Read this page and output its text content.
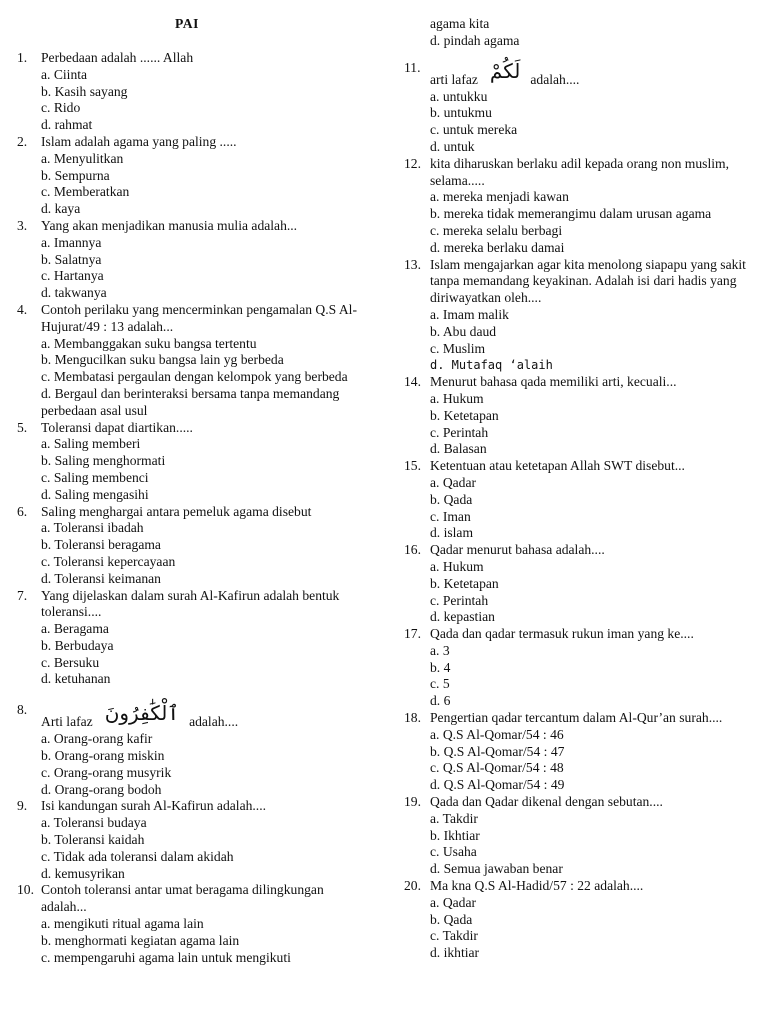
PAI
1.	Perbedaan adalah ...... Allah
a. Ciinta
b. Kasih sayang
c. Rido
d. rahmat
2.	Islam adalah agama yang paling .....
a. Menyulitkan
b. Sempurna
c. Memberatkan
d. kaya
3.	Yang akan menjadikan manusia mulia adalah...
a. Imannya
b. Salatnya
c. Hartanya
d. takwanya
4.	Contoh perilaku yang mencerminkan pengamalan Q.S Al-Hujurat/49 : 13 adalah...
a. Membanggakan suku bangsa tertentu
b. Mengucilkan suku bangsa lain yg berbeda
c. Membatasi pergaulan dengan kelompok yang berbeda
d. Bergaul dan berinteraksi bersama tanpa memandang perbedaan asal usul
5.	Toleransi dapat diartikan.....
a. Saling memberi
b. Saling menghormati
c. Saling membenci
d. Saling mengasihi
6.	Saling menghargai antara pemeluk agama disebut
a. Toleransi ibadah
b. Toleransi beragama
c. Toleransi kepercayaan
d. Toleransi keimanan
7.	Yang dijelaskan dalam surah Al-Kafirun adalah bentuk toleransi....
a. Beragama
b. Berbudaya
c. Bersuku
d. ketuhanan
8.
Arti lafaz ٱلْكَٰفِرُونَ adalah....
a. Orang-orang kafir
b. Orang-orang miskin
c. Orang-orang musyrik
d. Orang-orang bodoh
9.	Isi kandungan surah Al-Kafirun adalah....
a. Toleransi budaya
b. Toleransi kaidah
c. Tidak ada toleransi dalam akidah
d. kemusyrikan
10. Contoh toleransi antar umat beragama dilingkungan adalah...
a. mengikuti ritual agama lain
b. menghormati kegiatan agama lain
c. mempengaruhi agama lain untuk mengikuti
agama kita
d. pindah agama
11.
arti lafaz لَكُمْ adalah....
a. untukku
b. untukmu
c. untuk mereka
d. untuk
12. kita diharuskan berlaku adil kepada orang non muslim, selama.....
a. mereka menjadi kawan
b. mereka tidak memerangimu dalam urusan agama
c. mereka selalu berbagi
d. mereka berlaku damai
13. Islam mengajarkan agar kita menolong siapapu yang sakit tanpa memandang keyakinan. Adalah isi dari hadis yang diriwayatkan oleh....
a. Imam malik
b. Abu daud
c. Muslim
d. Mutafaq ‘alaih
14. Menurut bahasa qada memiliki arti, kecuali...
a. Hukum
b. Ketetapan
c. Perintah
d. Balasan
15. Ketentuan atau ketetapan Allah SWT disebut...
a. Qadar
b. Qada
c. Iman
d. islam
16. Qadar menurut bahasa adalah....
a. Hukum
b. Ketetapan
c. Perintah
d. kepastian
17. Qada dan qadar termasuk rukun iman yang ke....
a. 3
b. 4
c. 5
d. 6
18. Pengertian qadar tercantum dalam Al-Qur’an surah....
a. Q.S Al-Qomar/54 : 46
b. Q.S Al-Qomar/54 : 47
c. Q.S Al-Qomar/54 : 48
d. Q.S Al-Qomar/54 : 49
19. Qada dan Qadar dikenal dengan sebutan....
a. Takdir
b. Ikhtiar
c. Usaha
d. Semua jawaban benar
20. Ma kna Q.S Al-Hadid/57 : 22 adalah....
a. Qadar
b. Qada
c. Takdir
d. ikhtiar
